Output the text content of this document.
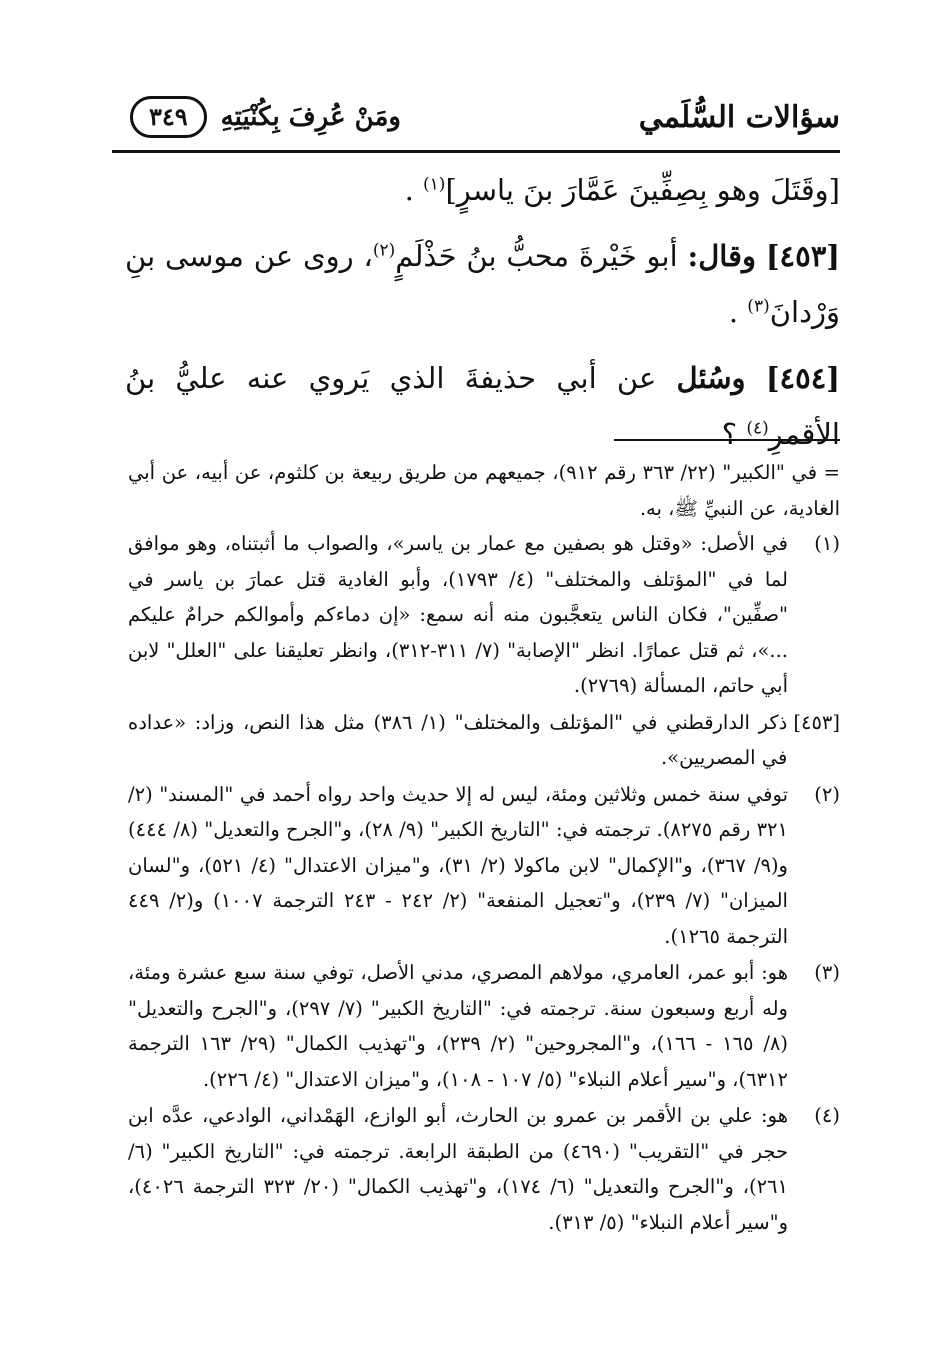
سؤالات السُّلَمي
ومَنْ عُرِفَ بِكُنْيَتِهِ
٣٤٩

[وقَتَلَ وهو بِصِفِّينَ عَمَّارَ بنَ ياسرٍ]$^{(١)}$ .

[٤٥٣] وقال: أبو خَيْرةَ محبُّ بنُ حَذْلَمٍ$^{(٢)}$، روى عن موسى بنِ وَرْدانَ$^{(٣)}$ .

[٤٥٤] وسُئل عن أبي حذيفةَ الذي يَروي عنه عليُّ بنُ الأقمرِ$^{(٤)}$ ؟

= في "الكبير" (٢٢/ ٣٦٣ رقم ٩١٢)، جميعهم من طريق ربيعة بن كلثوم، عن أبيه، عن أبي الغادية، عن النبيِّ ﷺ، به.

(١)

في الأصل: «وقتل هو بصفين مع عمار بن ياسر»، والصواب ما أثبتناه، وهو موافق لما في "المؤتلف والمختلف" (٤/ ١٧٩٣)، وأبو الغادية قتل عمارَ بن ياسر في "صفِّين"، فكان الناس يتعجَّبون منه أنه سمع: «إن دماءكم وأموالكم حرامٌ عليكم ...»، ثم قتل عمارًا. انظر "الإصابة" (٧/ ٣١١-٣١٢)، وانظر تعليقنا على "العلل" لابن أبي حاتم، المسألة (٢٧٦٩).

[٤٥٣]

ذكر الدارقطني في "المؤتلف والمختلف" (١/ ٣٨٦) مثل هذا النص، وزاد: «عداده في المصريين».

(٢)

توفي سنة خمس وثلاثين ومئة، ليس له إلا حديث واحد رواه أحمد في "المسند" (٢/ ٣٢١ رقم ٨٢٧٥). ترجمته في: "التاريخ الكبير" (٩/ ٢٨)، و"الجرح والتعديل" (٨/ ٤٤٤) و(٩/ ٣٦٧)، و"الإكمال" لابن ماكولا (٢/ ٣١)، و"ميزان الاعتدال" (٤/ ٥٢١)، و"لسان الميزان" (٧/ ٢٣٩)، و"تعجيل المنفعة" (٢/ ٢٤٢ - ٢٤٣ الترجمة ١٠٠٧) و(٢/ ٤٤٩ الترجمة ١٢٦٥).

(٣)

هو: أبو عمر، العامري، مولاهم المصري، مدني الأصل، توفي سنة سبع عشرة ومئة، وله أربع وسبعون سنة. ترجمته في: "التاريخ الكبير" (٧/ ٢٩٧)، و"الجرح والتعديل" (٨/ ١٦٥ - ١٦٦)، و"المجروحين" (٢/ ٢٣٩)، و"تهذيب الكمال" (٢٩/ ١٦٣ الترجمة ٦٣١٢)، و"سير أعلام النبلاء" (٥/ ١٠٧ - ١٠٨)، و"ميزان الاعتدال" (٤/ ٢٢٦).

(٤)

هو: علي بن الأقمر بن عمرو بن الحارث، أبو الوازع، الهَمْداني، الوادعي، عدَّه ابن حجر في "التقريب" (٤٦٩٠) من الطبقة الرابعة. ترجمته في: "التاريخ الكبير" (٦/ ٢٦١)، و"الجرح والتعديل" (٦/ ١٧٤)، و"تهذيب الكمال" (٢٠/ ٣٢٣ الترجمة ٤٠٢٦)، و"سير أعلام النبلاء" (٥/ ٣١٣).
